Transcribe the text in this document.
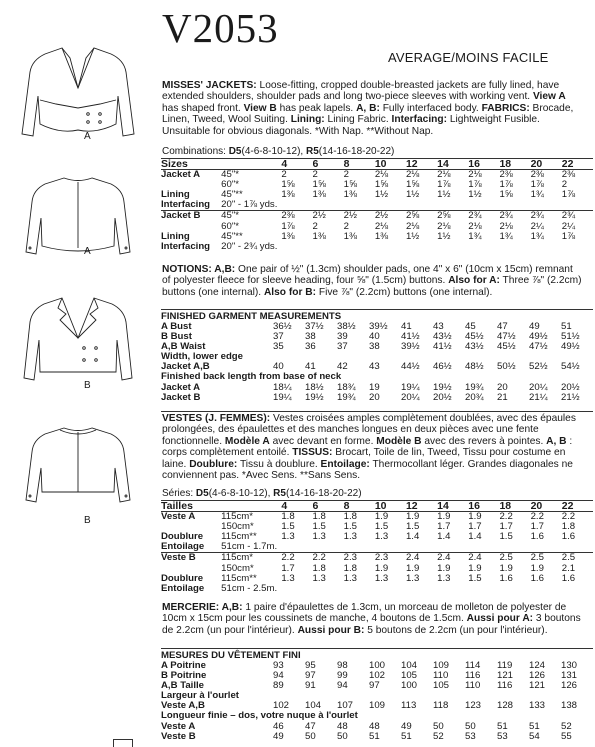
A
A
B
B
V2053
AVERAGE/MOINS FACILE

MISSES' JACKETS: Loose-fitting, cropped double-breasted jackets are fully lined, have extended shoulders, shoulder pads and long two-piece sleeves with working vent. View A has shaped front. View B has peak lapels. A, B: Fully interfaced body. FABRICS: Brocade, Linen, Tweed, Wool Suiting. Lining: Lining Fabric. Interfacing: Lightweight Fusible. Unsuitable for obvious diagonals. *With Nap. **Without Nap.

Combinations: D5(4-6-8-10-12), R5(14-16-18-20-22)
Sizes		4	6	8	10	12	14	16	18	20	22
Jacket A	45"*	2	2	2	2⅛	2⅛	2⅛	2⅛	2⅜	2⅜	2⅜
	60"*	1⅝	1⅝	1⅝	1⅝	1⅝	1⅞	1⅞	1⅞	1⅞	2
Lining	45"**	1⅜	1⅜	1⅜	1½	1½	1½	1½	1⅝	1¾	1⅞
Interfacing	20" - 1⅞ yds.										
Jacket B	45"*	2⅜	2½	2½	2½	2⅝	2⅝	2¾	2¾	2¾	2¾
	60"*	1⅞	2	2	2⅛	2⅛	2⅛	2⅛	2⅛	2¼	2¼
Lining	45"**	1⅜	1⅜	1⅜	1⅜	1½	1½	1¾	1¾	1¾	1⅞
Interfacing	20" - 2¾ yds.										

NOTIONS: A,B: One pair of ½" (1.3cm) shoulder pads, one 4" x 6" (10cm x 15cm) remnant of polyester fleece for sleeve heading, four ⅝" (1.5cm) buttons. Also for A: Three ⅞" (2.2cm) buttons (one internal). Also for B: Five ⅞" (2.2cm) buttons (one internal).

FINISHED GARMENT MEASUREMENTS
A Bust	36½	37½	38½	39½	41	43	45	47	49	51
B Bust	37	38	39	40	41½	43½	45½	47½	49½	51½
A,B Waist	35	36	37	38	39½	41½	43½	45½	47½	49½
Width, lower edge										
Jacket A,B	40	41	42	43	44½	46½	48½	50½	52½	54½
Finished back length from base of neck										
Jacket A	18¼	18½	18¾	19	19¼	19½	19¾	20	20¼	20½
Jacket B	19¼	19½	19¾	20	20¼	20½	20¾	21	21¼	21½

VESTES (J. FEMMES): Vestes croisées amples complètement doublées, avec des épaules prolongées, des épaulettes et des manches longues en deux pièces avec une fente fonctionnelle. Modèle A avec devant en forme. Modèle B avec des revers à pointes. A, B : corps complètement entoilé. TISSUS: Brocart, Toile de lin, Tweed, Tissu pour costume en laine. Doublure: Tissu à doublure. Entoilage: Thermocollant léger. Grandes diagonales ne conviennent pas. *Avec Sens. **Sans Sens.

Séries: D5(4-6-8-10-12), R5(14-16-18-20-22)
Tailles		4	6	8	10	12	14	16	18	20	22
Veste A	115cm*	1.8	1.8	1.8	1.9	1.9	1.9	1.9	2.2	2.2	2.2
	150cm*	1.5	1.5	1.5	1.5	1.5	1.7	1.7	1.7	1.7	1.8
Doublure	115cm**	1.3	1.3	1.3	1.3	1.4	1.4	1.4	1.5	1.6	1.6
Entoilage	51cm - 1.7m.										
Veste B	115cm*	2.2	2.2	2.3	2.3	2.4	2.4	2.4	2.5	2.5	2.5
	150cm*	1.7	1.8	1.8	1.9	1.9	1.9	1.9	1.9	1.9	2.1
Doublure	115cm**	1.3	1.3	1.3	1.3	1.3	1.3	1.5	1.6	1.6	1.6
Entoilage	51cm - 2.5m.										

MERCERIE: A,B: 1 paire d'épaulettes de 1.3cm, un morceau de molleton de polyester de 10cm x 15cm pour les coussinets de manche, 4 boutons de 1.5cm. Aussi pour A: 3 boutons de 2.2cm (un pour l'intérieur). Aussi pour B: 5 boutons de 2.2cm (un pour l'intérieur).

MESURES DU VÊTEMENT FINI
A Poitrine	93	95	98	100	104	109	114	119	124	130
B Poitrine	94	97	99	102	105	110	116	121	126	131
A,B Taille	89	91	94	97	100	105	110	116	121	126
Largeur à l'ourlet										
Veste A,B	102	104	107	109	113	118	123	128	133	138
Longueur finie – dos, votre nuque à l'ourlet										
Veste A	46	47	48	48	49	50	50	51	51	52
Veste B	49	50	50	51	51	52	53	53	54	55
